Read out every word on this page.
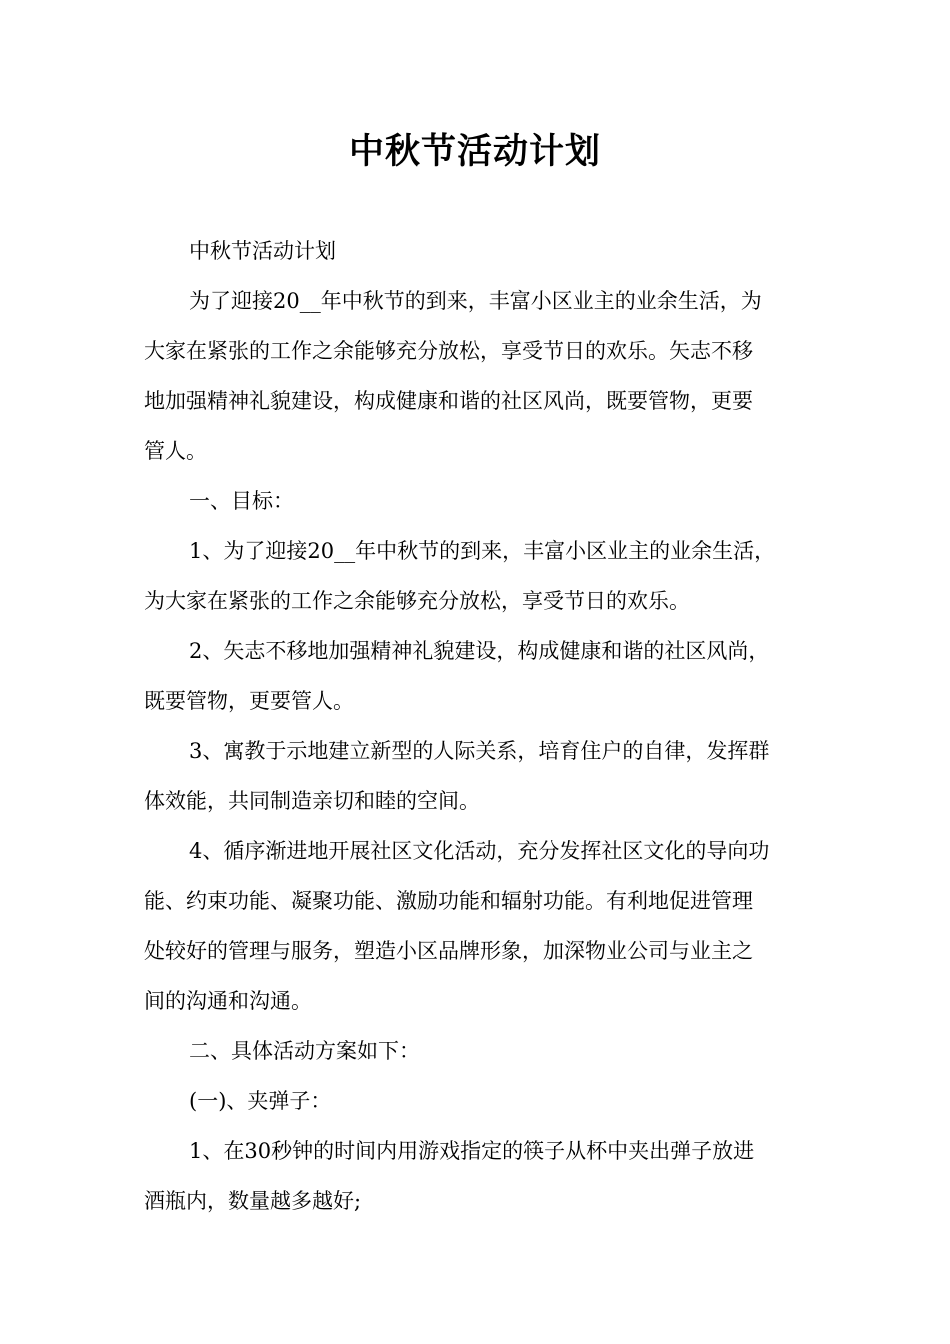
中秋节活动计划
中秋节活动计划
为了迎接20__年中秋节的到来，丰富小区业主的业余生活，为
大家在紧张的工作之余能够充分放松，享受节日的欢乐。矢志不移
地加强精神礼貌建设，构成健康和谐的社区风尚，既要管物，更要
管人。
一、目标：
1、为了迎接20__年中秋节的到来，丰富小区业主的业余生活，
为大家在紧张的工作之余能够充分放松，享受节日的欢乐。
2、矢志不移地加强精神礼貌建设，构成健康和谐的社区风尚，
既要管物，更要管人。
3、寓教于示地建立新型的人际关系，培育住户的自律，发挥群
体效能，共同制造亲切和睦的空间。
4、循序渐进地开展社区文化活动，充分发挥社区文化的导向功
能、约束功能、凝聚功能、激励功能和辐射功能。有利地促进管理
处较好的管理与服务，塑造小区品牌形象，加深物业公司与业主之
间的沟通和沟通。
二、具体活动方案如下：
(一)、夹弹子：
1、在30秒钟的时间内用游戏指定的筷子从杯中夹出弹子放进
酒瓶内，数量越多越好;
